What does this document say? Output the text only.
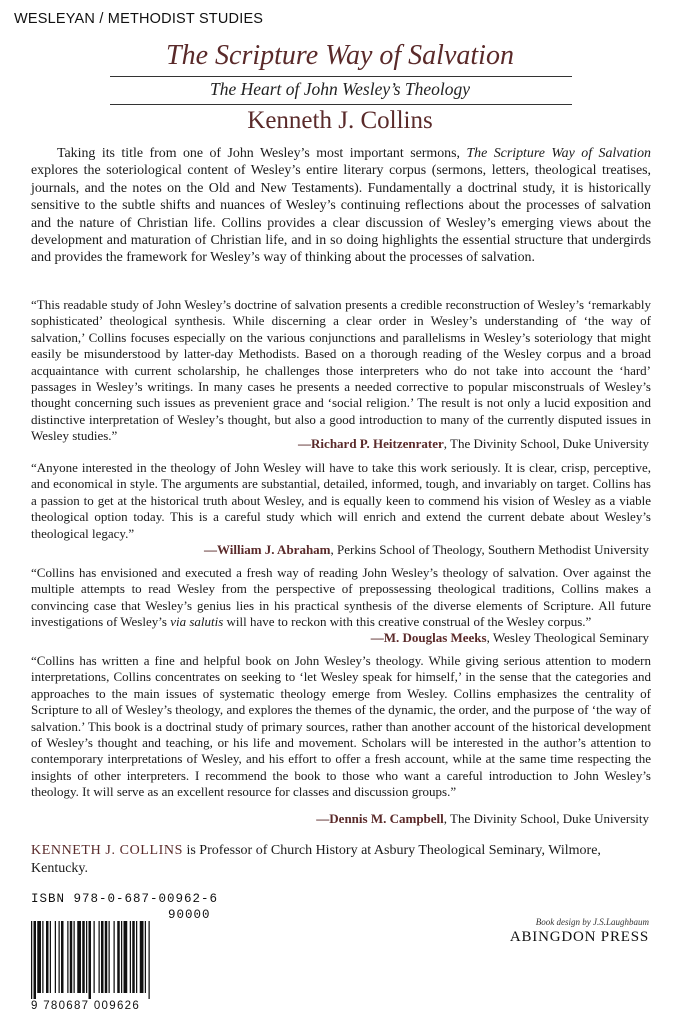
WESLEYAN / METHODIST STUDIES
The Scripture Way of Salvation
The Heart of John Wesley’s Theology
Kenneth J. Collins

Taking its title from one of John Wesley’s most important sermons, The Scripture Way of Salvation explores the soteriological content of Wesley’s entire literary corpus (sermons, letters, theological treatises, journals, and the notes on the Old and New Testaments). Fundamentally a doctrinal study, it is historically sensitive to the subtle shifts and nuances of Wesley’s continuing reflections about the processes of salvation and the nature of Christian life. Collins provides a clear discussion of Wesley’s emerging views about the development and maturation of Christian life, and in so doing highlights the essential structure that undergirds and provides the framework for Wesley’s way of thinking about the processes of salvation.

“This readable study of John Wesley’s doctrine of salvation presents a credible reconstruction of Wesley’s ‘remarkably sophisticated’ theological synthesis. While discerning a clear order in Wesley’s understanding of ‘the way of salvation,’ Collins focuses especially on the various conjunctions and parallelisms in Wesley’s soteriology that might easily be misunderstood by latter-day Methodists. Based on a thorough reading of the Wesley corpus and a broad acquaintance with current scholarship, he challenges those interpreters who do not take into account the ‘hard’ passages in Wesley’s writings. In many cases he presents a needed corrective to popular misconstruals of Wesley’s thought concerning such issues as prevenient grace and ‘social religion.’ The result is not only a lucid exposition and distinctive interpretation of Wesley’s thought, but also a good introduction to many of the currently disputed issues in Wesley studies.”

—Richard P. Heitzenrater, The Divinity School, Duke University

“Anyone interested in the theology of John Wesley will have to take this work seriously. It is clear, crisp, perceptive, and economical in style. The arguments are substantial, detailed, informed, tough, and invariably on target. Collins has a passion to get at the historical truth about Wesley, and is equally keen to commend his vision of Wesley as a viable theological option today. This is a careful study which will enrich and extend the current debate about Wesley’s theological legacy.”

—William J. Abraham, Perkins School of Theology, Southern Methodist University

“Collins has envisioned and executed a fresh way of reading John Wesley’s theology of salvation. Over against the multiple attempts to read Wesley from the perspective of prepossessing theological traditions, Collins makes a convincing case that Wesley’s genius lies in his practical synthesis of the diverse elements of Scripture. All future investigations of Wesley’s via salutis will have to reckon with this creative construal of the Wesley corpus.”

—M. Douglas Meeks, Wesley Theological Seminary

“Collins has written a fine and helpful book on John Wesley’s theology. While giving serious attention to modern interpretations, Collins concentrates on seeking to ‘let Wesley speak for himself,’ in the sense that the categories and approaches to the main issues of systematic theology emerge from Wesley. Collins emphasizes the centrality of Scripture to all of Wesley’s theology, and explores the themes of the dynamic, the order, and the purpose of ‘the way of salvation.’ This book is a doctrinal study of primary sources, rather than another account of the historical development of Wesley’s thought and teaching, or his life and movement. Scholars will be interested in the author’s attention to contemporary interpretations of Wesley, and his effort to offer a fresh account, while at the same time respecting the insights of other interpreters. I recommend the book to those who want a careful introduction to John Wesley’s theology. It will serve as an excellent resource for classes and discussion groups.”

—Dennis M. Campbell, The Divinity School, Duke University

KENNETH J. COLLINS is Professor of Church History at Asbury Theological Seminary, Wilmore, Kentucky.

ISBN 978-0-687-00962-6
90000
9 780687 009626
Book design by J.S.Laughbaum
ABINGDON PRESS
